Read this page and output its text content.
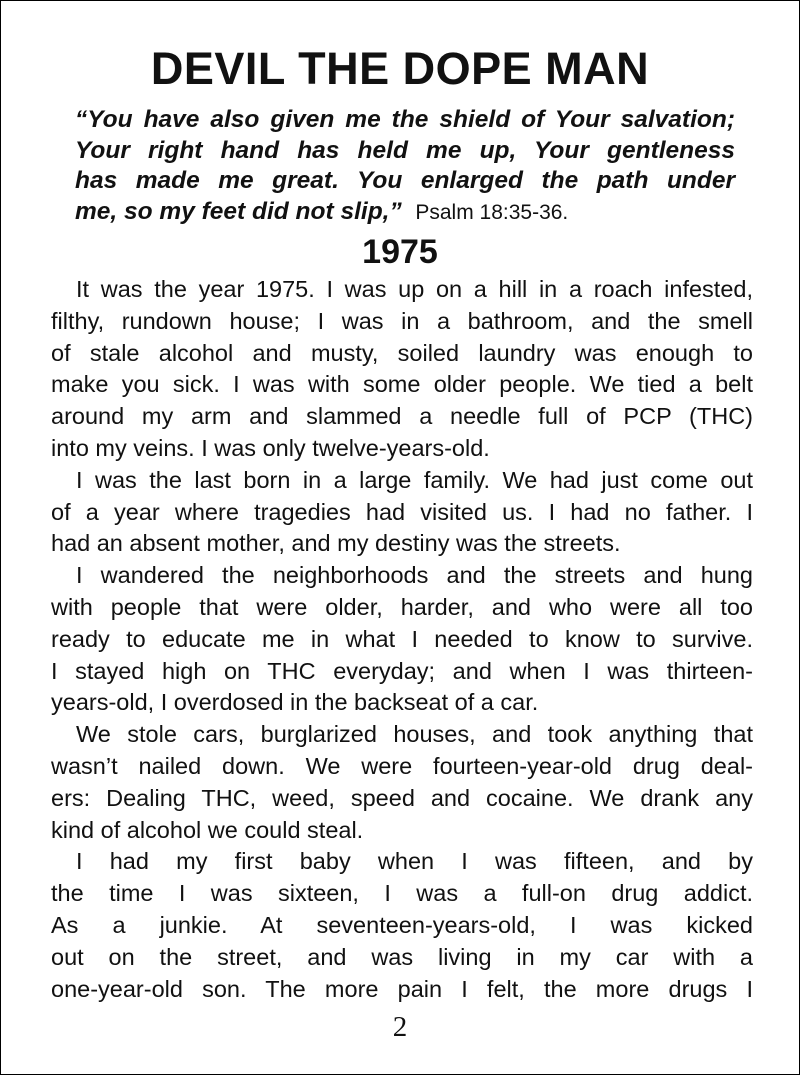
DEVIL THE DOPE MAN
“You have also given me the shield of Your salvation;
Your right hand has held me up, Your gentleness
has made me great. You enlarged the path under
me, so my feet did not slip,” Psalm 18:35-36.
1975

It was the year 1975. I was up on a hill in a roach infested,
filthy, rundown house; I was in a bathroom, and the smell
of stale alcohol and musty, soiled laundry was enough to
make you sick. I was with some older people. We tied a belt
around my arm and slammed a needle full of PCP (THC)
into my veins. I was only twelve-years-old.

I was the last born in a large family. We had just come out
of a year where tragedies had visited us. I had no father. I
had an absent mother, and my destiny was the streets.

I wandered the neighborhoods and the streets and hung
with people that were older, harder, and who were all too
ready to educate me in what I needed to know to survive.
I stayed high on THC everyday; and when I was thirteen-
years-old, I overdosed in the backseat of a car.

We stole cars, burglarized houses, and took anything that
wasn’t nailed down. We were fourteen-year-old drug deal-
ers: Dealing THC, weed, speed and cocaine. We drank any
kind of alcohol we could steal.

I had my first baby when I was fifteen, and by
the time I was sixteen, I was a full-on drug addict.
As a junkie. At seventeen-years-old, I was kicked
out on the street, and was living in my car with a
one-year-old son. The more pain I felt, the more drugs I

2
